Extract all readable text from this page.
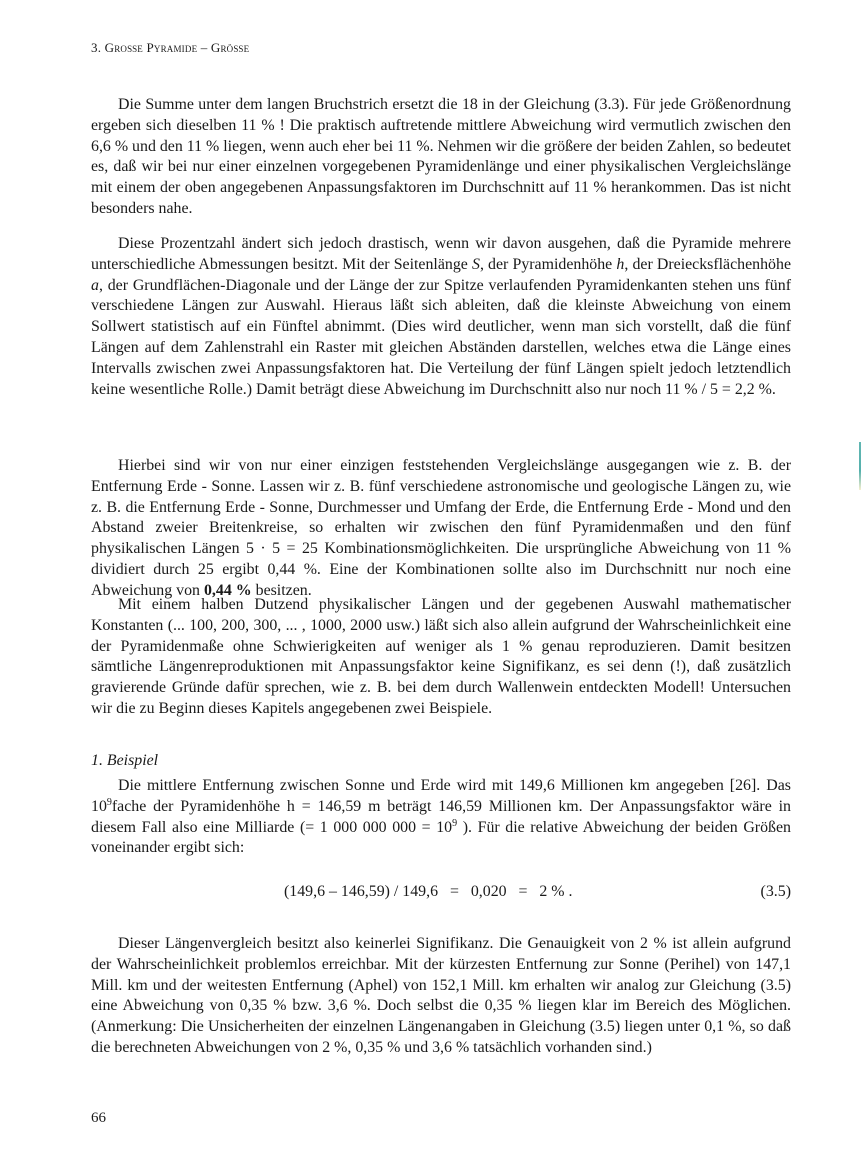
3. Große Pyramide – Größe

Die Summe unter dem langen Bruchstrich ersetzt die 18 in der Gleichung (3.3). Für jede Größenordnung ergeben sich dieselben 11 % ! Die praktisch auftretende mittlere Abweichung wird vermutlich zwischen den 6,6 % und den 11 % liegen, wenn auch eher bei 11 %. Nehmen wir die größere der beiden Zahlen, so bedeutet es, daß wir bei nur einer einzelnen vorgegebenen Pyramidenlänge und einer physikalischen Vergleichslänge mit einem der oben angegebenen Anpassungsfaktoren im Durchschnitt auf 11 % herankommen. Das ist nicht besonders nahe.

Diese Prozentzahl ändert sich jedoch drastisch, wenn wir davon ausgehen, daß die Pyramide mehrere unterschiedliche Abmessungen besitzt. Mit der Seitenlänge S, der Pyramidenhöhe h, der Dreiecksflächenhöhe a, der Grundflächen-Diagonale und der Länge der zur Spitze verlaufenden Pyramidenkanten stehen uns fünf verschiedene Längen zur Auswahl. Hieraus läßt sich ableiten, daß die kleinste Abweichung von einem Sollwert statistisch auf ein Fünftel abnimmt. (Dies wird deutlicher, wenn man sich vorstellt, daß die fünf Längen auf dem Zahlenstrahl ein Raster mit gleichen Abständen darstellen, welches etwa die Länge eines Intervalls zwischen zwei Anpassungsfaktoren hat. Die Verteilung der fünf Längen spielt jedoch letztendlich keine wesentliche Rolle.) Damit beträgt diese Abweichung im Durchschnitt also nur noch 11 % / 5 = 2,2 %.

Hierbei sind wir von nur einer einzigen feststehenden Vergleichslänge ausgegangen wie z. B. der Entfernung Erde - Sonne. Lassen wir z. B. fünf verschiedene astronomische und geologische Längen zu, wie z. B. die Entfernung Erde - Sonne, Durchmesser und Umfang der Erde, die Entfernung Erde - Mond und den Abstand zweier Breitenkreise, so erhalten wir zwischen den fünf Pyramidenmaßen und den fünf physikalischen Längen 5 · 5 = 25 Kombinationsmöglichkeiten. Die ursprüngliche Abweichung von 11 % dividiert durch 25 ergibt 0,44 %. Eine der Kombinationen sollte also im Durchschnitt nur noch eine Abweichung von 0,44 % besitzen.

Mit einem halben Dutzend physikalischer Längen und der gegebenen Auswahl mathematischer Konstanten (... 100, 200, 300, ... , 1000, 2000 usw.) läßt sich also allein aufgrund der Wahrscheinlichkeit eine der Pyramidenmaße ohne Schwierigkeiten auf weniger als 1 % genau reproduzieren. Damit besitzen sämtliche Längenreproduktionen mit Anpassungsfaktor keine Signifikanz, es sei denn (!), daß zusätzlich gravierende Gründe dafür sprechen, wie z. B. bei dem durch Wallenwein entdeckten Modell! Untersuchen wir die zu Beginn dieses Kapitels angegebenen zwei Beispiele.

1. Beispiel

Die mittlere Entfernung zwischen Sonne und Erde wird mit 149,6 Millionen km angegeben [26]. Das $10^9fache$ der Pyramidenhöhe h = 146,59 m beträgt 146,59 Millionen km. Der Anpassungsfaktor wäre in diesem Fall also eine Milliarde (= 1 000 000 $000 = 10^9$ ). Für die relative Abweichung der beiden Größen voneinander ergibt sich:

(149,6 – 146,59) / 149,6   =   0,020   =   2 % .	(3.5)

Dieser Längenvergleich besitzt also keinerlei Signifikanz. Die Genauigkeit von 2 % ist allein aufgrund der Wahrscheinlichkeit problemlos erreichbar. Mit der kürzesten Entfernung zur Sonne (Perihel) von 147,1 Mill. km und der weitesten Entfernung (Aphel) von 152,1 Mill. km erhalten wir analog zur Gleichung (3.5) eine Abweichung von 0,35 % bzw. 3,6 %. Doch selbst die 0,35 % liegen klar im Bereich des Möglichen. (Anmerkung: Die Unsicherheiten der einzelnen Längenangaben in Gleichung (3.5) liegen unter 0,1 %, so daß die berechneten Abweichungen von 2 %, 0,35 % und 3,6 % tatsächlich vorhanden sind.)

66
